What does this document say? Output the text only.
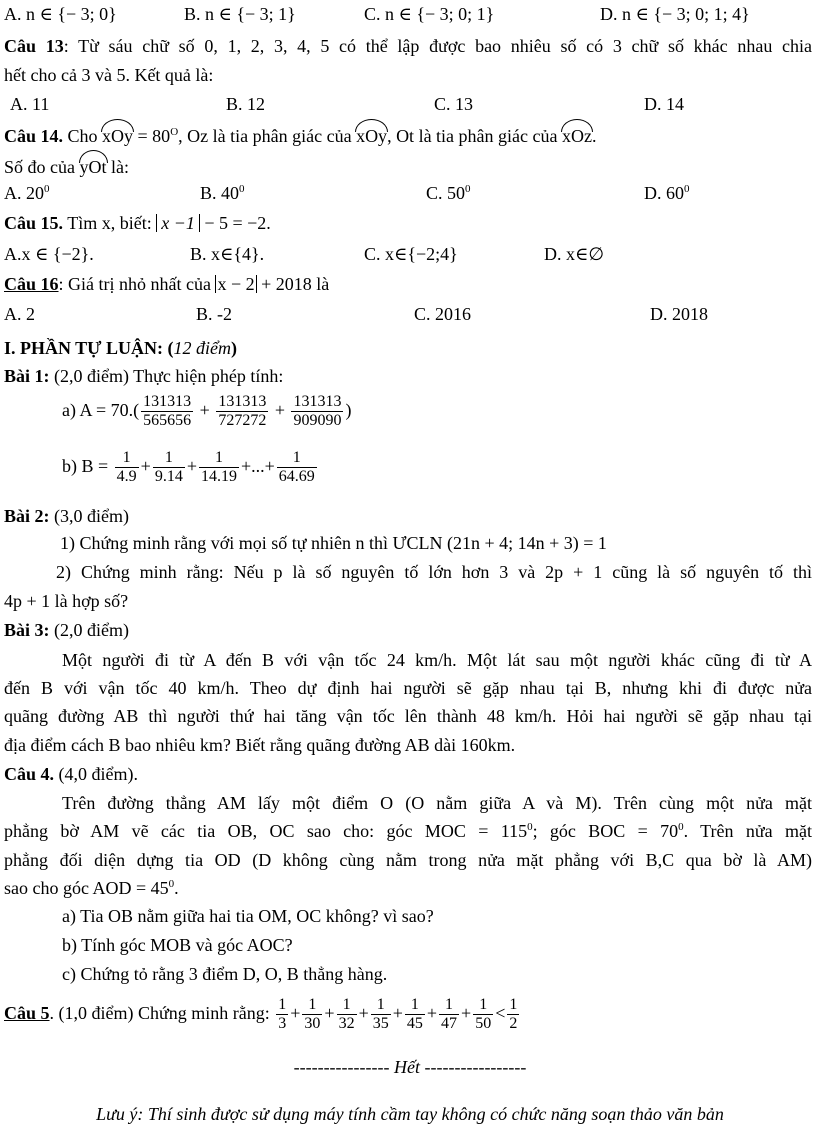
A. n ∈ {− 3; 0}	B. n ∈ {− 3; 1}	C. n ∈ {− 3; 0; 1}	D. n ∈ {− 3; 0; 1; 4}
Câu 13: Từ sáu chữ số 0, 1, 2, 3, 4, 5 có thể lập được bao nhiêu số có 3 chữ số khác nhau chia
hết cho cả 3 và 5. Kết quả là:
A. 11	B. 12	C. 13	D. 14
Câu 14. Cho xOy = $80^O$, Oz là tia phân giác của xOy, Ot là tia phân giác của xOz.
Số đo của yOt là:
A. $20^0$	B. $40^0$	C. $50^0$	D. $60^0$
Câu 15. Tìm x, biết: x −1 − 5 = −2.
A.x ∈ {−2}.	B. x∈{4}.	C. x∈{−2;4}	D. x∈∅
Câu 16: Giá trị nhỏ nhất của x − 2 + 2018 là
A. 2	B. -2	C. 2016	D. 2018
I. PHẦN TỰ LUẬN: (12 điểm)
Bài 1: (2,0 điểm) Thực hiện phép tính:
a) $A = 70.( \frac{131313}{565656} + \frac{131313}{727272} + \frac{131313}{909090}$ )
b) $B = \frac{1}{4.9} + \frac{1}{9.14} + \frac{1}{14.19}$ +...+ $\frac{1}{64.69}$
Bài 2: (3,0 điểm)
1) Chứng minh rằng với mọi số tự nhiên n thì ƯCLN (21n + 4; 14n + 3) = 1
2) Chứng minh rằng: Nếu p là số nguyên tố lớn hơn 3 và 2p + 1 cũng là số nguyên tố thì
4p + 1 là hợp số?
Bài 3: (2,0 điểm)
Một người đi từ A đến B với vận tốc 24 km/h. Một lát sau một người khác cũng đi từ A
đến B với vận tốc 40 km/h. Theo dự định hai người sẽ gặp nhau tại B, nhưng khi đi được nửa
quãng đường AB thì người thứ hai tăng vận tốc lên thành 48 km/h. Hỏi hai người sẽ gặp nhau tại
địa điểm cách B bao nhiêu km? Biết rằng quãng đường AB dài 160km.
Câu 4. (4,0 điểm).
Trên đường thẳng AM lấy một điểm O (O nằm giữa A và M). Trên cùng một nửa mặt
phẳng bờ AM vẽ các tia OB, OC sao cho: góc MOC = $115^0$; góc BOC = $70^0$. Trên nửa mặt
phẳng đối diện dựng tia OD (D không cùng nằm trong nửa mặt phẳng với B,C qua bờ là AM)
sao cho góc AOD = $45^0$.
a) Tia OB nằm giữa hai tia OM, OC không? vì sao?
b) Tính góc MOB và góc AOC?
c) Chứng tỏ rằng 3 điểm D, O, B thẳng hàng.
Câu 5. (1,0 điểm) Chứng minh rằng: $\frac{1}{3} + \frac{1}{30} + \frac{1}{32} + \frac{1}{35} + \frac{1}{45} + \frac{1}{47} + \frac{1}{50} < \frac{1}{2}$
---------------- Hết -----------------
Lưu ý: Thí sinh được sử dụng máy tính cầm tay không có chức năng soạn thảo văn bản
